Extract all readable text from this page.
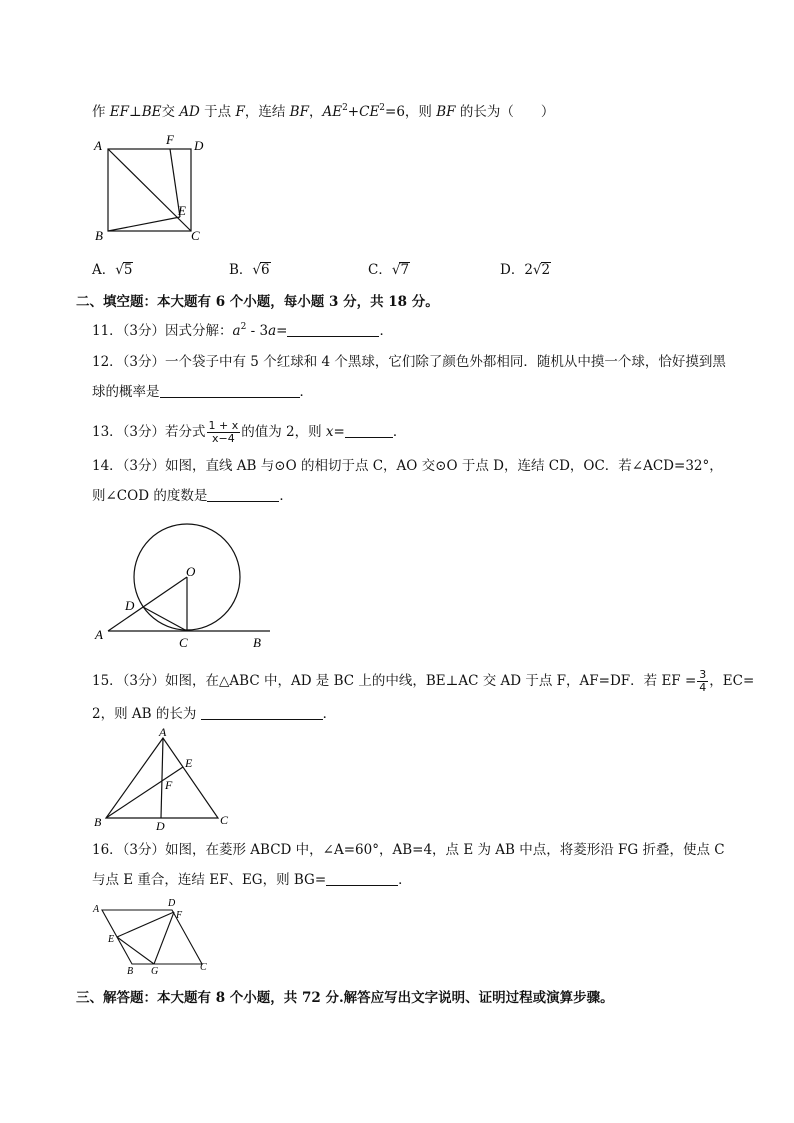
作 EF⊥BE交 AD 于点 F，连结 BF，$AE^2+CE^2=6$，则 BF 的长为（　　）
A	F D
E
B	C
A．√5	B．√6	C．√7	D．2√2
二、填空题：本大题有 6 个小题，每小题 3 分，共 18 分。
11．（3分）因式分解：$a^2 - 3a=$	．
12．（3分）一个袋子中有 5 个红球和 4 个黑球，它们除了颜色外都相同．随机从中摸一个球，恰好摸到黑
球的概率是	．
13．（3分）若分式 $\frac{1 + x}{x-4}$ 的值为 2，则 x=	．
14．（3分）如图，直线 AB 与⊙O 的相切于点 C，AO 交⊙O 于点 D，连结 CD，OC．若∠ACD=32°，
则∠COD 的度数是	．
O
D
A
C	B
15．（3分）如图，在△ABC 中，AD 是 BC 上的中线，BE⊥AC 交 AD 于点 F，AF=DF．若 EF = $\frac{3}{4}$ ，EC=
2，则 AB 的长为	．
A
E
F
B	D	C
16．（3分）如图，在菱形 ABCD 中，∠A=60°，AB=4，点 E 为 AB 中点，将菱形沿 FG 折叠，使点 C
与点 E 重合，连结 EF、EG，则 BG=	．
A
D
F
E
B G	C
三、解答题：本大题有 8 个小题，共 72 分.解答应写出文字说明、证明过程或演算步骤。
